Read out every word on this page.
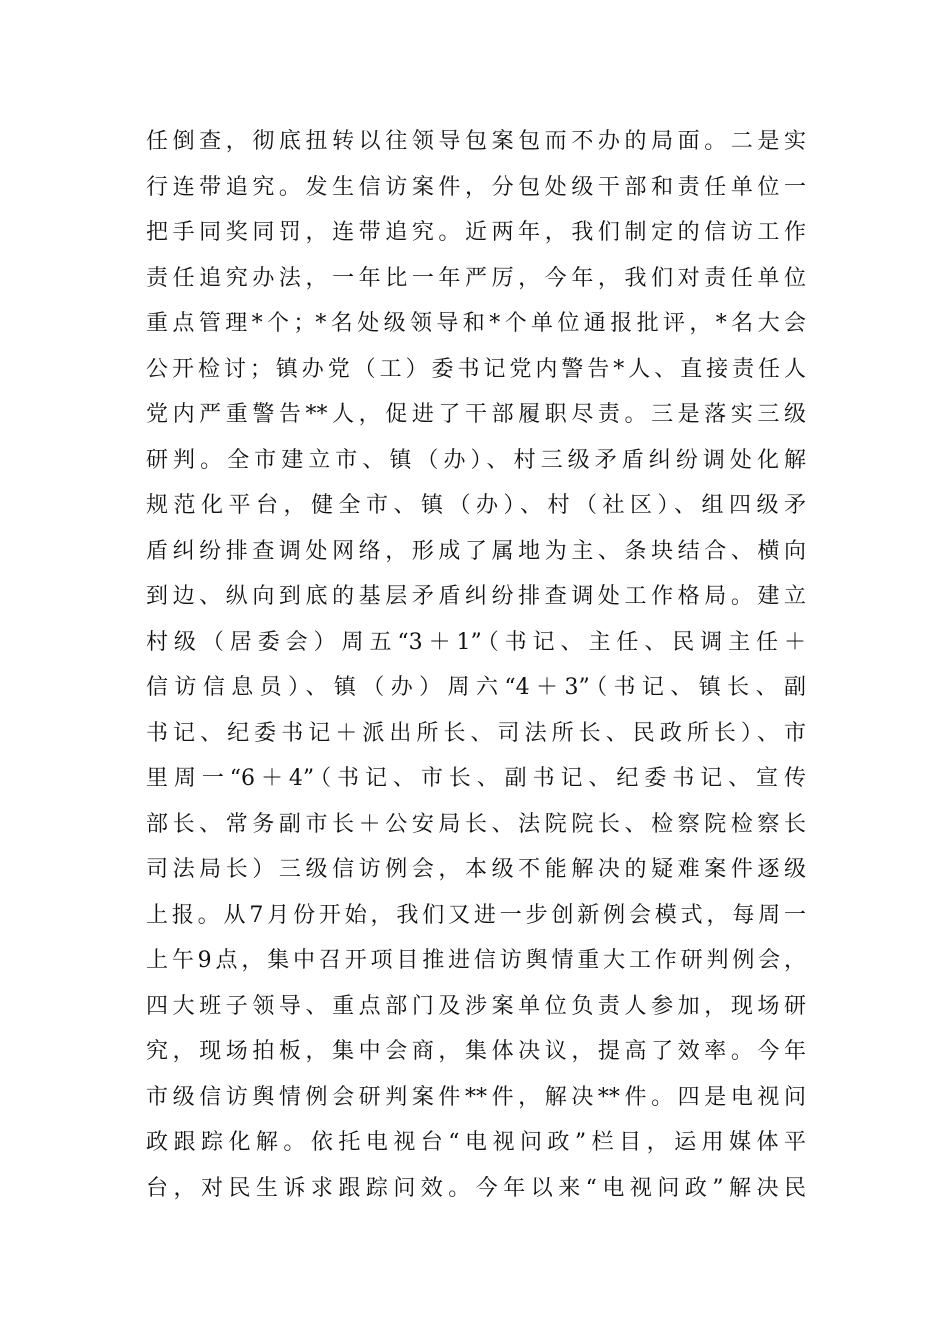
任倒查，彻底扭转以往领导包案包而不办的局面。二是实
行连带追究。发生信访案件，分包处级干部和责任单位一
把手同奖同罚，连带追究。近两年，我们制定的信访工作
责任追究办法，一年比一年严厉，今年，我们对责任单位
重点管理*个；*名处级领导和*个单位通报批评，*名大会
公开检讨；镇办党（工）委书记党内警告*人、直接责任人
党内严重警告**人，促进了干部履职尽责。三是落实三级
研判。全市建立市、镇（办）、村三级矛盾纠纷调处化解
规范化平台，健全市、镇（办）、村（社区）、组四级矛
盾纠纷排查调处网络，形成了属地为主、条块结合、横向
到边、纵向到底的基层矛盾纠纷排查调处工作格局。建立
村级（居委会）周五“3＋1”（书记、主任、民调主任＋
信访信息员）、镇（办）周六“4＋3”（书记、镇长、副
书记、纪委书记＋派出所长、司法所长、民政所长）、市
里周一“6＋4”（书记、市长、副书记、纪委书记、宣传
部长、常务副市长＋公安局长、法院院长、检察院检察长
司法局长）三级信访例会，本级不能解决的疑难案件逐级
上报。从7月份开始，我们又进一步创新例会模式，每周一
上午9点，集中召开项目推进信访舆情重大工作研判例会，
四大班子领导、重点部门及涉案单位负责人参加，现场研
究，现场拍板，集中会商，集体决议，提高了效率。今年
市级信访舆情例会研判案件**件，解决**件。四是电视问
政跟踪化解。依托电视台“电视问政”栏目，运用媒体平
台，对民生诉求跟踪问效。今年以来“电视问政”解决民
